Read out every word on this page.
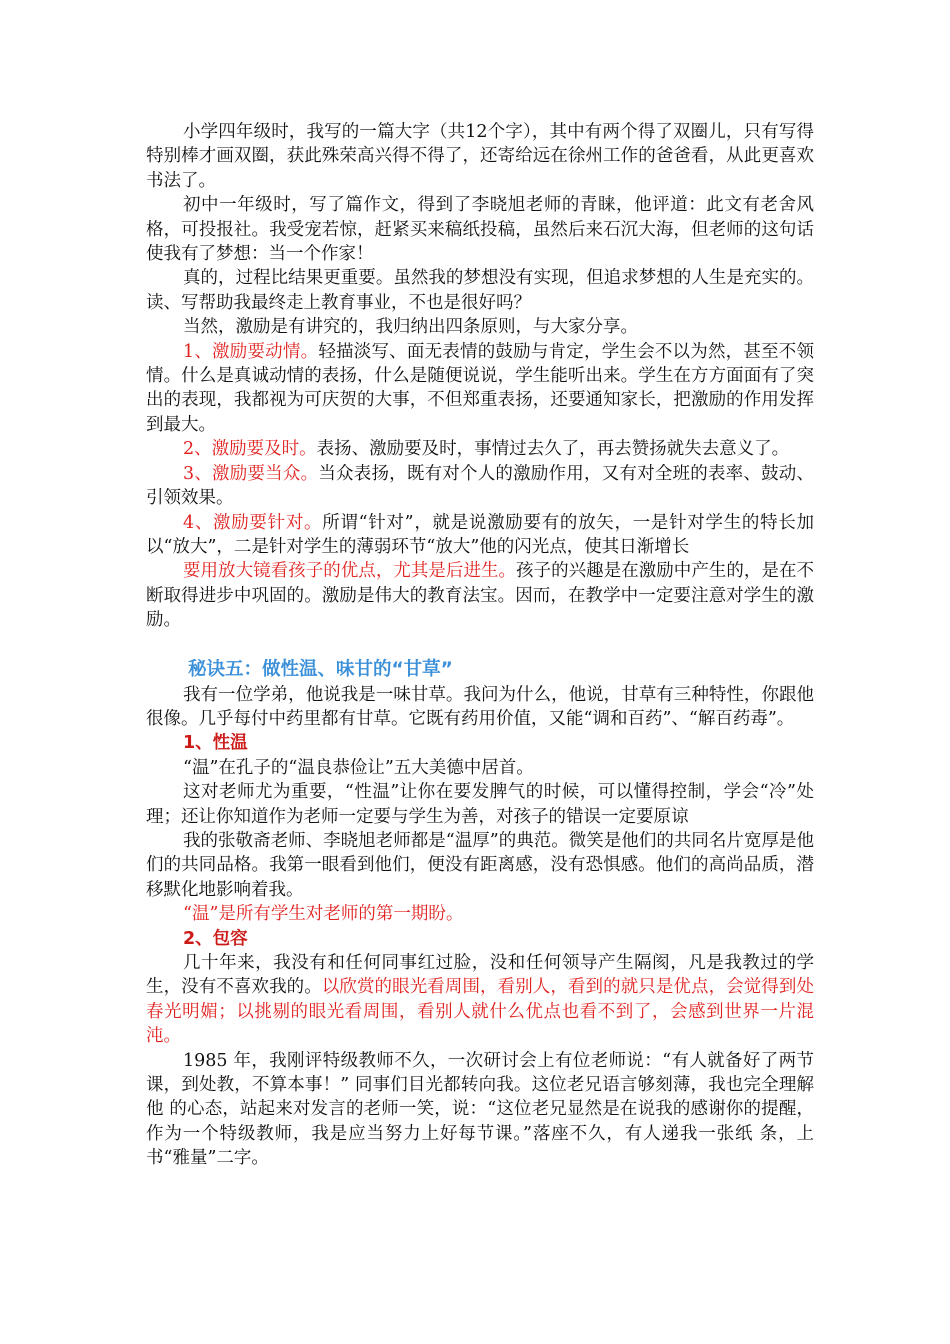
小学四年级时，我写的一篇大字（共12个字），其中有两个得了双圈儿，只有写得特别棒才画双圈，获此殊荣高兴得不得了，还寄给远在徐州工作的爸爸看，从此更喜欢书法了。

初中一年级时，写了篇作文，得到了李晓旭老师的青睐，他评道：此文有老舍风格，可投报社。我受宠若惊，赶紧买来稿纸投稿，虽然后来石沉大海，但老师的这句话使我有了梦想：当一个作家！

真的，过程比结果更重要。虽然我的梦想没有实现，但追求梦想的人生是充实的。读、写帮助我最终走上教育事业，不也是很好吗？

当然，激励是有讲究的，我归纳出四条原则，与大家分享。

1、激励要动情。轻描淡写、面无表情的鼓励与肯定，学生会不以为然，甚至不领情。什么是真诚动情的表扬，什么是随便说说，学生能听出来。学生在方方面面有了突出的表现，我都视为可庆贺的大事，不但郑重表扬，还要通知家长，把激励的作用发挥到最大。

2、激励要及时。表扬、激励要及时，事情过去久了，再去赞扬就失去意义了。

3、激励要当众。当众表扬，既有对个人的激励作用，又有对全班的表率、鼓动、引领效果。

4、激励要针对。所谓“针对”，就是说激励要有的放矢，一是针对学生的特长加以“放大”，二是针对学生的薄弱环节“放大”他的闪光点，使其日渐增长

要用放大镜看孩子的优点，尤其是后进生。孩子的兴趣是在激励中产生的，是在不断取得进步中巩固的。激励是伟大的教育法宝。因而，在教学中一定要注意对学生的激励。

秘诀五：做性温、味甘的“甘草”

我有一位学弟，他说我是一味甘草。我问为什么，他说，甘草有三种特性，你跟他很像。几乎每付中药里都有甘草。它既有药用价值，又能“调和百药”、“解百药毒”。

1、性温

“温”在孔子的“温良恭俭让”五大美德中居首。

这对老师尤为重要，“性温”让你在要发脾气的时候，可以懂得控制，学会“冷”处理；还让你知道作为老师一定要与学生为善，对孩子的错误一定要原谅

我的张敬斋老师、李晓旭老师都是“温厚”的典范。微笑是他们的共同名片宽厚是他们的共同品格。我第一眼看到他们，便没有距离感，没有恐惧感。他们的高尚品质，潜移默化地影响着我。

“温”是所有学生对老师的第一期盼。

2、包容

几十年来，我没有和任何同事红过脸，没和任何领导产生隔阂，凡是我教过的学生，没有不喜欢我的。以欣赏的眼光看周围，看别人，看到的就只是优点，会觉得到处春光明媚；以挑剔的眼光看周围，看别人就什么优点也看不到了，会感到世界一片混沌。

1985 年，我刚评特级教师不久，一次研讨会上有位老师说：“有人就备好了两节课，到处教，不算本事！” 同事们目光都转向我。这位老兄语言够刻薄，我也完全理解他 的心态，站起来对发言的老师一笑，说：“这位老兄显然是在说我的感谢你的提醒，作为一个特级教师，我是应当努力上好每节课。”落座不久，有人递我一张纸 条，上书“雅量”二字。
